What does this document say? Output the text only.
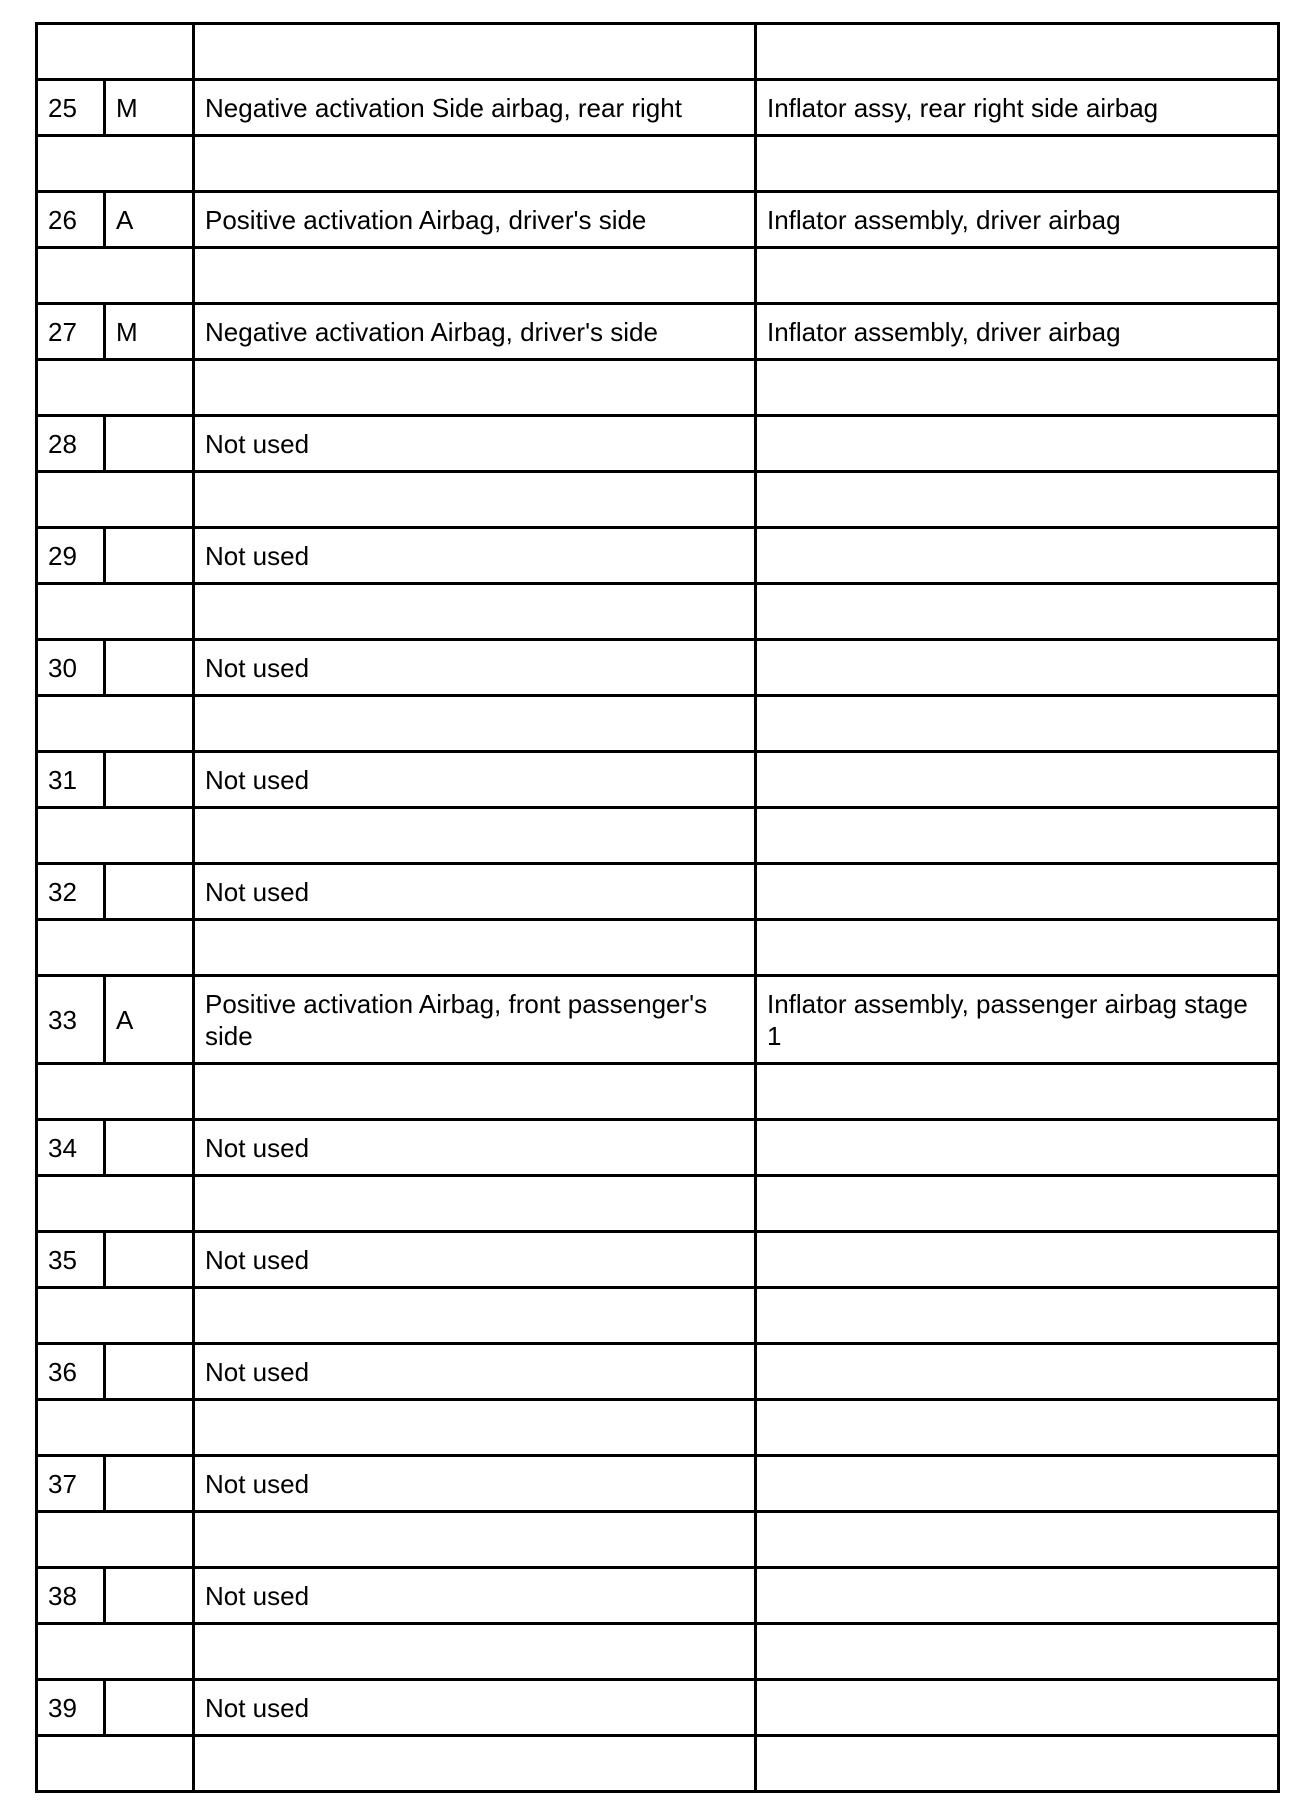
25	M	Negative activation Side airbag, rear right	Inflator assy, rear right side airbag

26	A	Positive activation Airbag, driver's side	Inflator assembly, driver airbag

27	M	Negative activation Airbag, driver's side	Inflator assembly, driver airbag

28		Not used	

29		Not used	

30		Not used	

31		Not used	

32		Not used	

33	A	Positive activation Airbag, front passenger's side	Inflator assembly, passenger airbag stage 1

34		Not used	

35		Not used	

36		Not used	

37		Not used	

38		Not used	

39		Not used	
